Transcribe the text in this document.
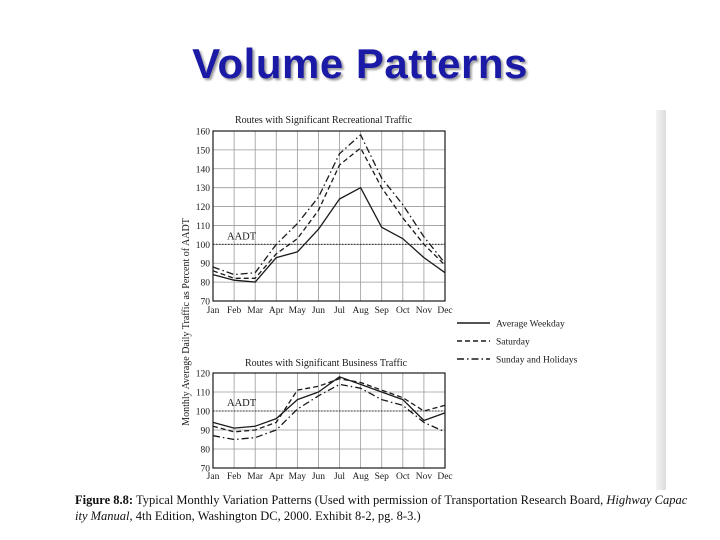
Volume Patterns
AADT
70
80
90
100
110
120
130
140
150
160
Jan Feb Mar Apr May Jun Jul Aug Sep Oct Nov Dec
Routes with Significant Recreational Traffic
AADT
70
80
90
100
110
120
Jan Feb Mar Apr May Jun Jul Aug Sep Oct Nov Dec
Routes with Significant Business Traffic
Monthly Average Daily Traffic as Percent of AADT	Average Weekday
Saturday
Sunday and Holidays
Figure 8.8: Typical Monthly Variation Patterns (Used with permission of Transportation Research Board, Highway Capac
ity Manual, 4th Edition, Washington DC, 2000. Exhibit 8-2, pg. 8-3.)
